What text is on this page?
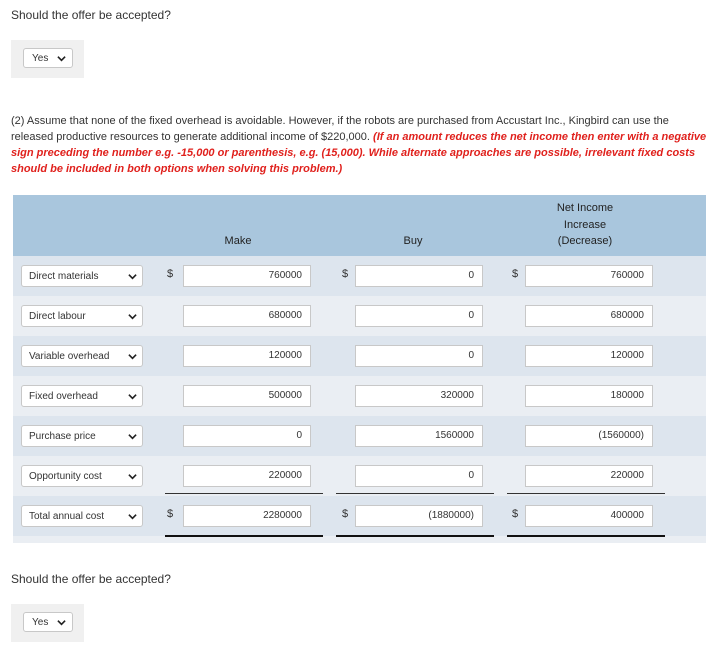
Should the offer be accepted?
Yes
(2) Assume that none of the fixed overhead is avoidable. However, if the robots are purchased from Accustart Inc., Kingbird can use the released productive resources to generate additional income of $220,000. (If an amount reduces the net income then enter with a negative sign preceding the number e.g. -15,000 or parenthesis, e.g. (15,000). While alternate approaches are possible, irrelevant fixed costs should be included in both options when solving this problem.)
Make	Buy
Net Income
Increase
(Decrease)
Direct materials	$	760000	$	0	$	760000
Direct labour	680000	0	680000
Variable overhead	120000	0	120000
Fixed overhead	500000	320000	180000
Purchase price	0	1560000	(1560000)
Opportunity cost	220000	0	220000
Total annual cost	$	2280000	$	(1880000)	$	400000
Should the offer be accepted?
Yes
